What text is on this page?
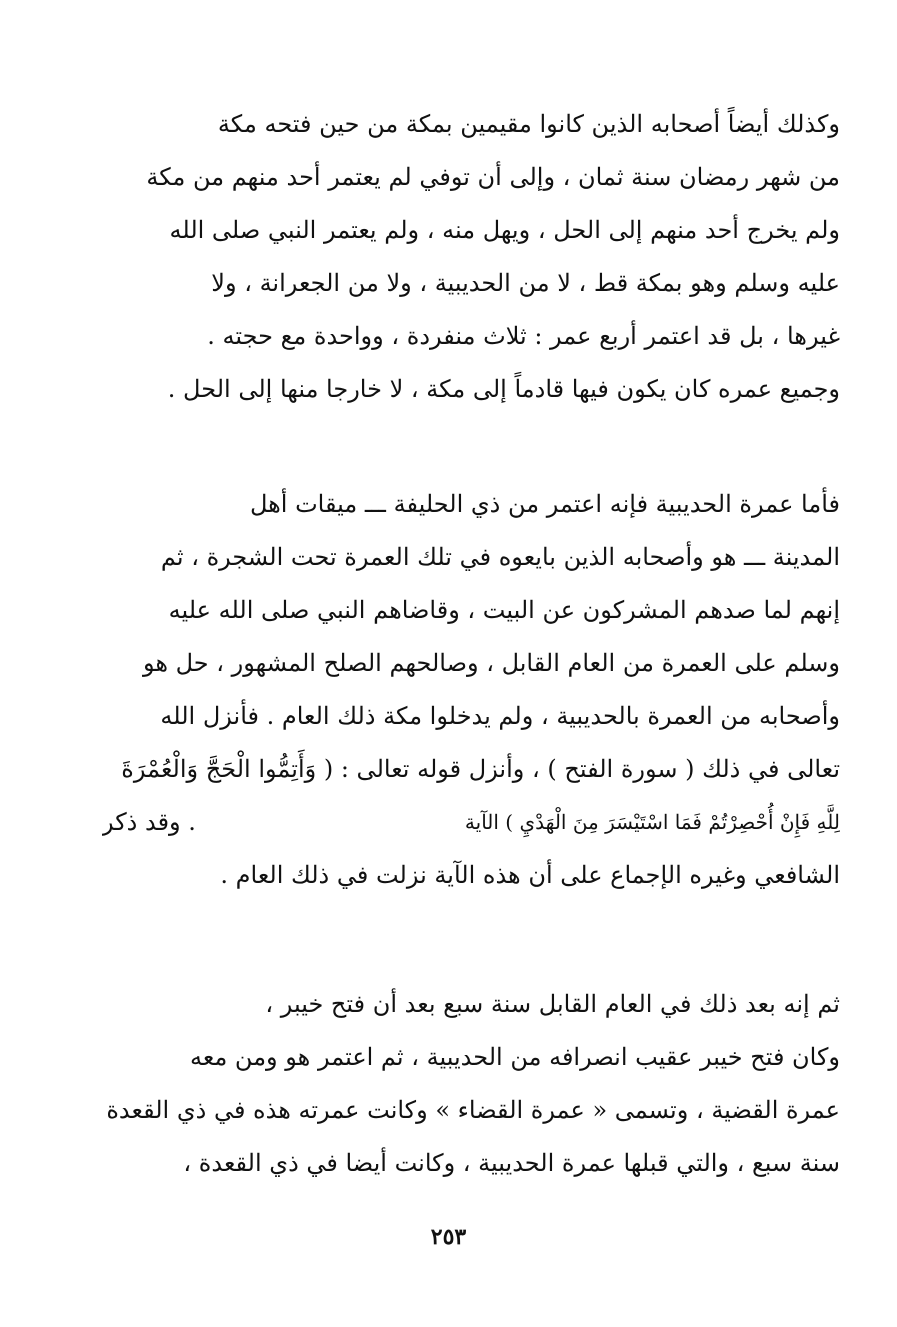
وكذلك أيضاً أصحابه الذين كانوا مقيمين بمكة من حين فتحه مكة
من شهر رمضان سنة ثمان ، وإلى أن توفي لم يعتمر أحد منهم من مكة
ولم يخرج أحد منهم إلى الحل ، ويهل منه ، ولم يعتمر النبي صلى الله
عليه وسلم وهو بمكة قط ، لا من الحديبية ، ولا من الجعرانة ، ولا
غيرها ، بل قد اعتمر أربع عمر : ثلاث منفردة ، وواحدة مع حجته .
وجميع عمره كان يكون فيها قادماً إلى مكة ، لا خارجا منها إلى الحل .
فأما عمرة الحديبية فإنه اعتمر من ذي الحليفة ـــ ميقات أهل
المدينة ـــ هو وأصحابه الذين بايعوه في تلك العمرة تحت الشجرة ، ثم
إنهم لما صدهم المشركون عن البيت ، وقاضاهم النبي صلى الله عليه
وسلم على العمرة من العام القابل ، وصالحهم الصلح المشهور ، حل هو
وأصحابه من العمرة بالحديبية ، ولم يدخلوا مكة ذلك العام . فأنزل الله
تعالى في ذلك ( سورة الفتح ) ، وأنزل قوله تعالى : ( وَأَتِمُّوا الْحَجَّ وَالْعُمْرَةَ
لِلَّهِ فَإِنْ أُحْصِرْتُمْ فَمَا اسْتَيْسَرَ مِنَ الْهَدْيِ ) الآية
. وقد ذكر
الشافعي وغيره الإجماع على أن هذه الآية نزلت في ذلك العام .
ثم إنه بعد ذلك في العام القابل سنة سبع بعد أن فتح خيبر ،
وكان فتح خيبر عقيب انصرافه من الحديبية ، ثم اعتمر هو ومن معه
عمرة القضية ، وتسمى « عمرة القضاء » وكانت عمرته هذه في ذي القعدة
سنة سبع ، والتي قبلها عمرة الحديبية ، وكانت أيضا في ذي القعدة ،
٢٥٣
